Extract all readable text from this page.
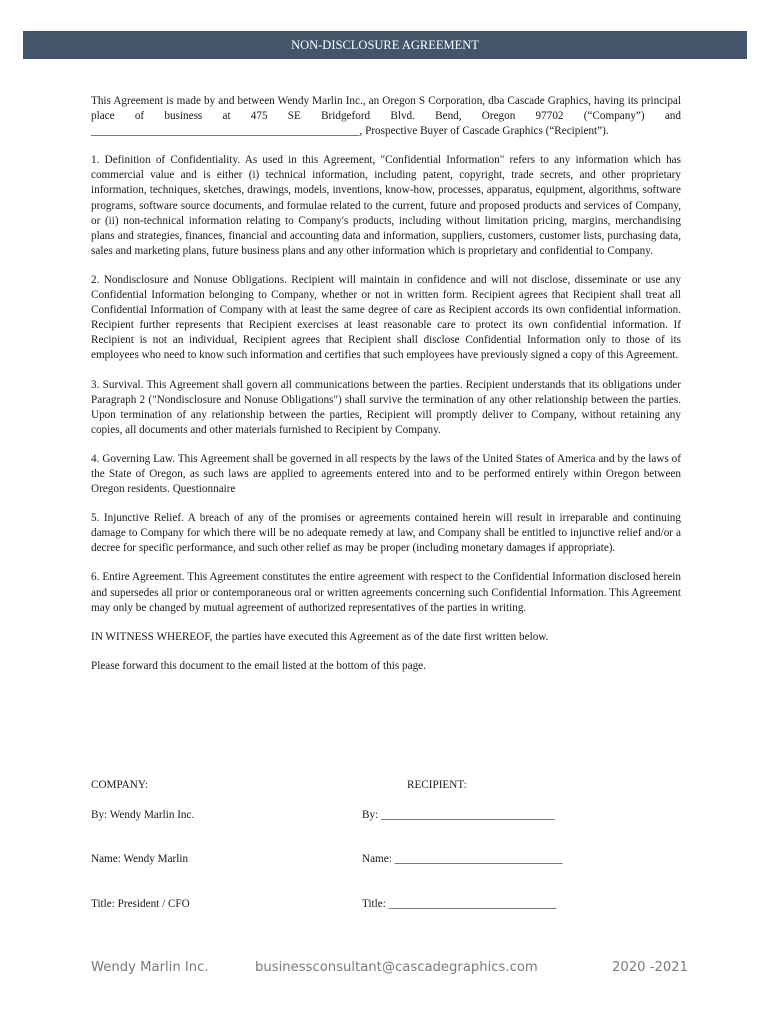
NON-DISCLOSURE AGREEMENT

This Agreement is made by and between Wendy Marlin Inc., an Oregon S Corporation, dba Cascade Graphics, having its principal place of business at 475 SE Bridgeford Blvd. Bend, Oregon 97702 (“Company”) and ________________________________________________, Prospective Buyer of Cascade Graphics (“Recipient”).

1. Definition of Confidentiality. As used in this Agreement, "Confidential Information" refers to any information which has commercial value and is either (i) technical information, including patent, copyright, trade secrets, and other proprietary information, techniques, sketches, drawings, models, inventions, know-how, processes, apparatus, equipment, algorithms, software programs, software source documents, and formulae related to the current, future and proposed products and services of Company, or (ii) non-technical information relating to Company's products, including without limitation pricing, margins, merchandising plans and strategies, finances, financial and accounting data and information, suppliers, customers, customer lists, purchasing data, sales and marketing plans, future business plans and any other information which is proprietary and confidential to Company.

2. Nondisclosure and Nonuse Obligations. Recipient will maintain in confidence and will not disclose, disseminate or use any Confidential Information belonging to Company, whether or not in written form. Recipient agrees that Recipient shall treat all Confidential Information of Company with at least the same degree of care as Recipient accords its own confidential information. Recipient further represents that Recipient exercises at least reasonable care to protect its own confidential information. If Recipient is not an individual, Recipient agrees that Recipient shall disclose Confidential Information only to those of its employees who need to know such information and certifies that such employees have previously signed a copy of this Agreement.

3. Survival. This Agreement shall govern all communications between the parties. Recipient understands that its obligations under Paragraph 2 ("Nondisclosure and Nonuse Obligations") shall survive the termination of any other relationship between the parties. Upon termination of any relationship between the parties, Recipient will promptly deliver to Company, without retaining any copies, all documents and other materials furnished to Recipient by Company.

4. Governing Law. This Agreement shall be governed in all respects by the laws of the United States of America and by the laws of the State of Oregon, as such laws are applied to agreements entered into and to be performed entirely within Oregon between Oregon residents. Questionnaire

5. Injunctive Relief. A breach of any of the promises or agreements contained herein will result in irreparable and continuing damage to Company for which there will be no adequate remedy at law, and Company shall be entitled to injunctive relief and/or a decree for specific performance, and such other relief as may be proper (including monetary damages if appropriate).

6. Entire Agreement. This Agreement constitutes the entire agreement with respect to the Confidential Information disclosed herein and supersedes all prior or contemporaneous oral or written agreements concerning such Confidential Information. This Agreement may only be changed by mutual agreement of authorized representatives of the parties in writing.

IN WITNESS WHEREOF, the parties have executed this Agreement as of the date first written below.

Please forward this document to the email listed at the bottom of this page.

COMPANY:	RECIPIENT:
By: Wendy Marlin Inc.	By: _______________________________
Name: Wendy Marlin	Name: ______________________________
Title: President / CFO	Title: ______________________________
Wendy Marlin Inc.	businessconsultant@cascadegraphics.com	2020 -2021
